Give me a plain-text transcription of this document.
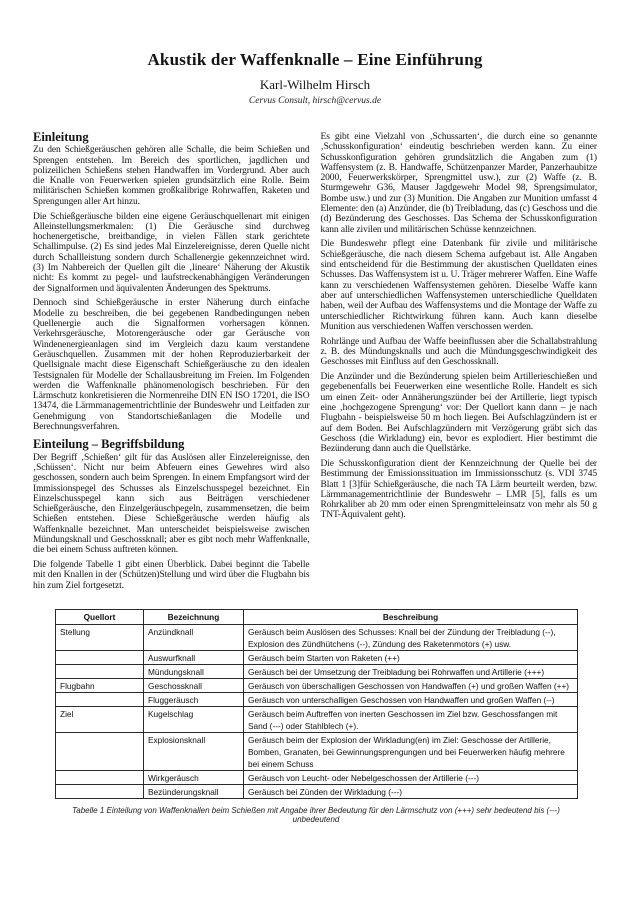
Akustik der Waffenknalle – Eine Einführung
Karl-Wilhelm Hirsch
Cervus Consult, hirsch@cervus.de
Einleitung

Zu den Schießgeräuschen gehören alle Schalle, die beim Schießen und Sprengen entstehen. Im Bereich des sportlichen, jagdlichen und polizeilichen Schießens stehen Handwaffen im Vordergrund. Aber auch die Knalle von Feuerwerken spielen grundsätzlich eine Rolle. Beim militärischen Schießen kommen großkalibrige Rohrwaffen, Raketen und Sprengungen aller Art hinzu.

Die Schießgeräusche bilden eine eigene Geräuschquellenart mit einigen Alleinstellungsmerkmalen: (1) Die Geräusche sind durchweg hochenergetische, breitbandige, in vielen Fällen stark gerichtete Schallimpulse. (2) Es sind jedes Mal Einzelereignisse, deren Quelle nicht durch Schallleistung sondern durch Schallenergie gekennzeichnet wird. (3) Im Nahbereich der Quellen gilt die ‚lineare‘ Näherung der Akustik nicht: Es kommt zu pegel- und laufstreckenabhängigen Veränderungen der Signalformen und äquivalenten Änderungen des Spektrums.

Dennoch sind Schießgeräusche in erster Näherung durch einfache Modelle zu beschreiben, die bei gegebenen Randbedingungen neben Quellenergie auch die Signalformen vorhersagen können. Verkehrsgeräusche, Motorengeräusche oder gar Geräusche von Windenenergieanlagen sind im Vergleich dazu kaum verstandene Geräuschquellen. Zusammen mit der hohen Reproduzierbarkeit der Quellsignale macht diese Eigenschaft Schießgeräusche zu den idealen Testsignalen für Modelle der Schallausbreitung im Freien. Im Folgenden werden die Waffenknalle phänomenologisch beschrieben. Für den Lärmschutz konkretisieren die Normenreihe DIN EN ISO 17201, die ISO 13474, die Lärmmanagementrichtlinie der Bundeswehr und Leitfaden zur Genehmigung von Standortschießanlagen die Modelle und Berechnungsverfahren.

Einteilung – Begriffsbildung

Der Begriff ‚Schießen‘ gilt für das Auslösen aller Einzelereignisse, den ‚Schüssen‘. Nicht nur beim Abfeuern eines Gewehres wird also geschossen, sondern auch beim Sprengen. In einem Empfangsort wird der Immissionspegel des Schusses als Einzelschusspegel bezeichnet. Ein Einzelschusspegel kann sich aus Beiträgen verschiedener Schießgeräusche, den Einzelgeräuschpegeln, zusammensetzen, die beim Schießen entstehen. Diese Schießgeräusche werden häufig als Waffenknalle bezeichnet. Man unterscheidet beispielsweise zwischen Mündungsknall und Geschossknall; aber es gibt noch mehr Waffenknalle, die bei einem Schuss auftreten können.

Die folgende Tabelle 1 gibt einen Überblick. Dabei beginnt die Tabelle mit den Knallen in der (Schützen)Stellung und wird über die Flugbahn bis hin zum Ziel fortgesetzt.

Es gibt eine Vielzahl von ‚Schussarten‘, die durch eine so genannte ‚Schusskonfiguration‘ eindeutig beschrieben werden kann. Zu einer Schusskonfiguration gehören grundsätzlich die Angaben zum (1) Waffensystem (z. B. Handwaffe, Schützenpanzer Marder, Panzerhaubitze 2000, Feuerwerkskörper, Sprengmittel usw.), zur (2) Waffe (z. B. Sturmgewehr G36, Mauser Jagdgewehr Model 98, Sprengsimulator, Bombe usw.) und zur (3) Munition. Die Angaben zur Munition umfasst 4 Elemente: den (a) Anzünder, die (b) Treibladung, das (c) Geschoss und die (d) Bezünderung des Geschosses. Das Schema der Schusskonfiguration kann alle zivilen und militärischen Schüsse kennzeichnen.

Die Bundeswehr pflegt eine Datenbank für zivile und militärische Schießgeräusche, die nach diesem Schema aufgebaut ist. Alle Angaben sind entscheidend für die Bestimmung der akustischen Quelldaten eines Schusses. Das Waffensystem ist u. U. Träger mehrerer Waffen. Eine Waffe kann zu verschiedenen Waffensystemen gehören. Dieselbe Waffe kann aber auf unterschiedlichen Waffensystemen unterschiedliche Quelldaten haben, weil der Aufbau des Waffensystems und die Montage der Waffe zu unterschiedlicher Richtwirkung führen kann. Auch kann dieselbe Munition aus verschiedenen Waffen verschossen werden.

Rohrlänge und Aufbau der Waffe beeinflussen aber die Schallabstrahlung z. B. des Mündungsknalls und auch die Mündungsgeschwindigkeit des Geschosses mit Einfluss auf den Geschossknall.

Die Anzünder und die Bezünderung spielen beim Artillerieschießen und gegebenenfalls bei Feuerwerken eine wesentliche Rolle. Handelt es sich um einen Zeit- oder Annäherungszünder bei der Artillerie, liegt typisch eine ‚hochgezogene Sprengung‘ vor: Der Quellort kann dann – je nach Flugbahn - beispielsweise 50 m hoch liegen. Bei Aufschlagzündern ist er auf dem Boden. Bei Aufschlagzündern mit Verzögerung gräbt sich das Geschoss (die Wirkladung) ein, bevor es explodiert. Hier bestimmt die Bezünderung dann auch die Quellstärke.

Die Schusskonfiguration dient der Kennzeichnung der Quelle bei der Bestimmung der Emissionssituation im Immissionsschutz (s. VDI 3745 Blatt 1 [3]für Schießgeräusche, die nach TA Lärm beurteilt werden, bzw. Lärmmanagementrichtlinie der Bundeswehr – LMR [5], falls es um Rohrkaliber ab 20 mm oder einen Sprengmitteleinsatz von mehr als 50 g TNT-Äquivalent geht).

Quellort	Bezeichnung	Beschreibung
Stellung	Anzündknall	Geräusch beim Auslösen des Schusses: Knall bei der Zündung der Treibladung (--), Explosion des Zündhütchens (--), Zündung des Raketenmotors (+) usw.
	Auswurfknall	Geräusch beim Starten von Raketen (++)
	Mündungsknall	Geräusch bei der Umsetzung der Treibladung bei Rohrwaffen und Artillerie (+++)
Flugbahn	Geschossknall	Geräusch von überschalligen Geschossen von Handwaffen (+) und großen Waffen (++)
	Fluggeräusch	Geräusch von unterschalligen Geschossen von Handwaffen und großen Waffen (--)
Ziel	Kugelschlag	Geräusch beim Auftreffen von inerten Geschossen im Ziel bzw. Geschossfangen mit Sand (---) oder Stahlblech (+).
	Explosionsknall	Geräusch beim der Explosion der Wirkladung(en) im Ziel: Geschosse der Artillerie, Bomben, Granaten, bei Gewinnungsprengungen und bei Feuerwerken häufig mehrere bei einem Schuss
	Wirkgeräusch	Geräusch von Leucht- oder Nebelgeschossen der Artillerie (---)
	Bezünderungsknall	Geräusch bei Zünden der Wirkladung (---)
Tabelle 1 Einteilung von Waffenknallen beim Schießen mit Angabe ihrer Bedeutung für den Lärmschutz von (+++) sehr bedeutend bis (---) unbedeutend
